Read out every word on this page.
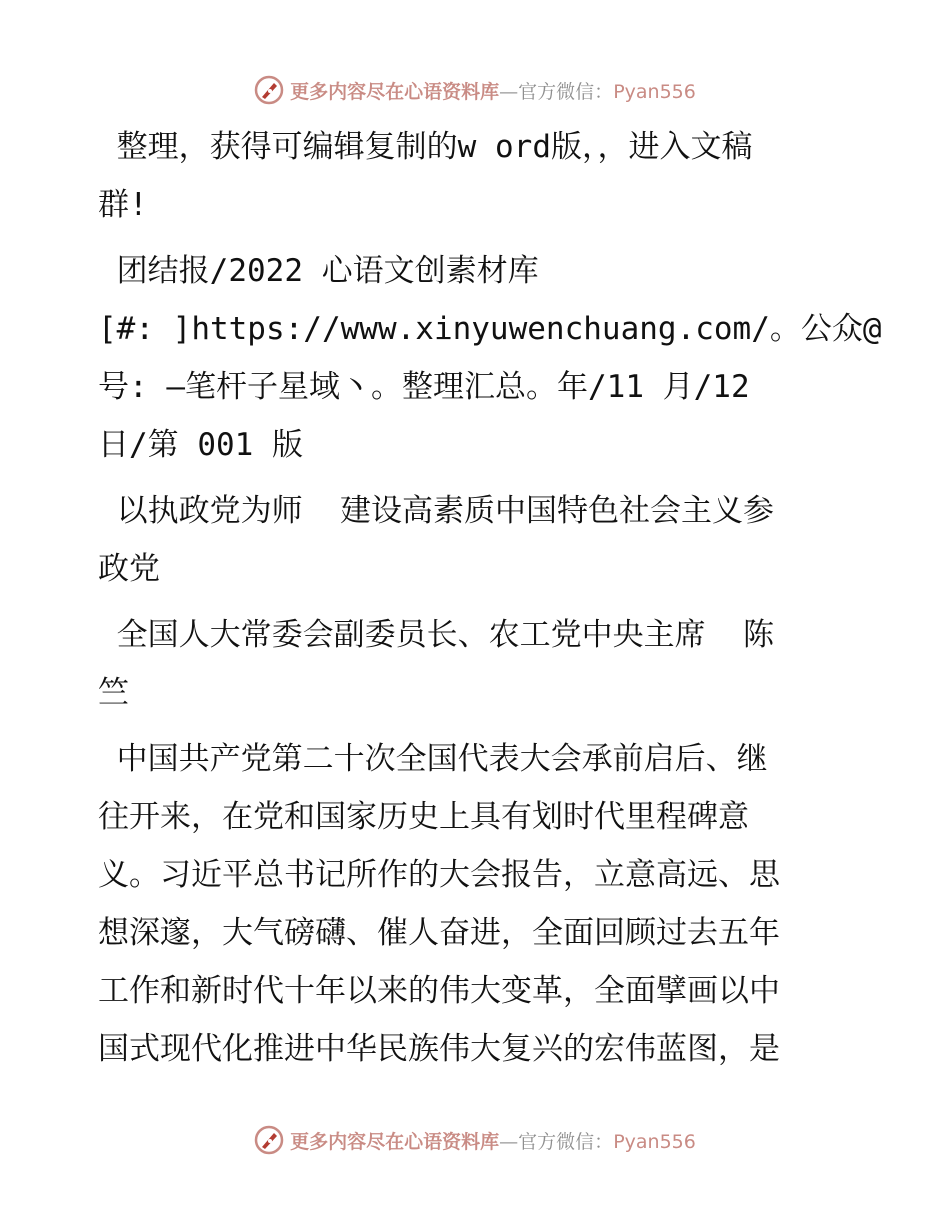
更多内容尽在心语资料库—官方微信：Pyan556
整理，获得可编辑复制的w ord版，，进入文稿
群!
团结报/2022 心语文创素材库
[#: ]https://www.xinyuwenchuang.com/。公众@
号: —笔杆子星域丶。整理汇总。年/11 月/12
日/第 001 版
以执政党为师  建设高素质中国特色社会主义参
政党
全国人大常委会副委员长、农工党中央主席  陈
竺
中国共产党第二十次全国代表大会承前启后、继
往开来，在党和国家历史上具有划时代里程碑意
义。习近平总书记所作的大会报告，立意高远、思
想深邃，大气磅礴、催人奋进，全面回顾过去五年
工作和新时代十年以来的伟大变革，全面擘画以中
国式现代化推进中华民族伟大复兴的宏伟蓝图，是
更多内容尽在心语资料库—官方微信：Pyan556
